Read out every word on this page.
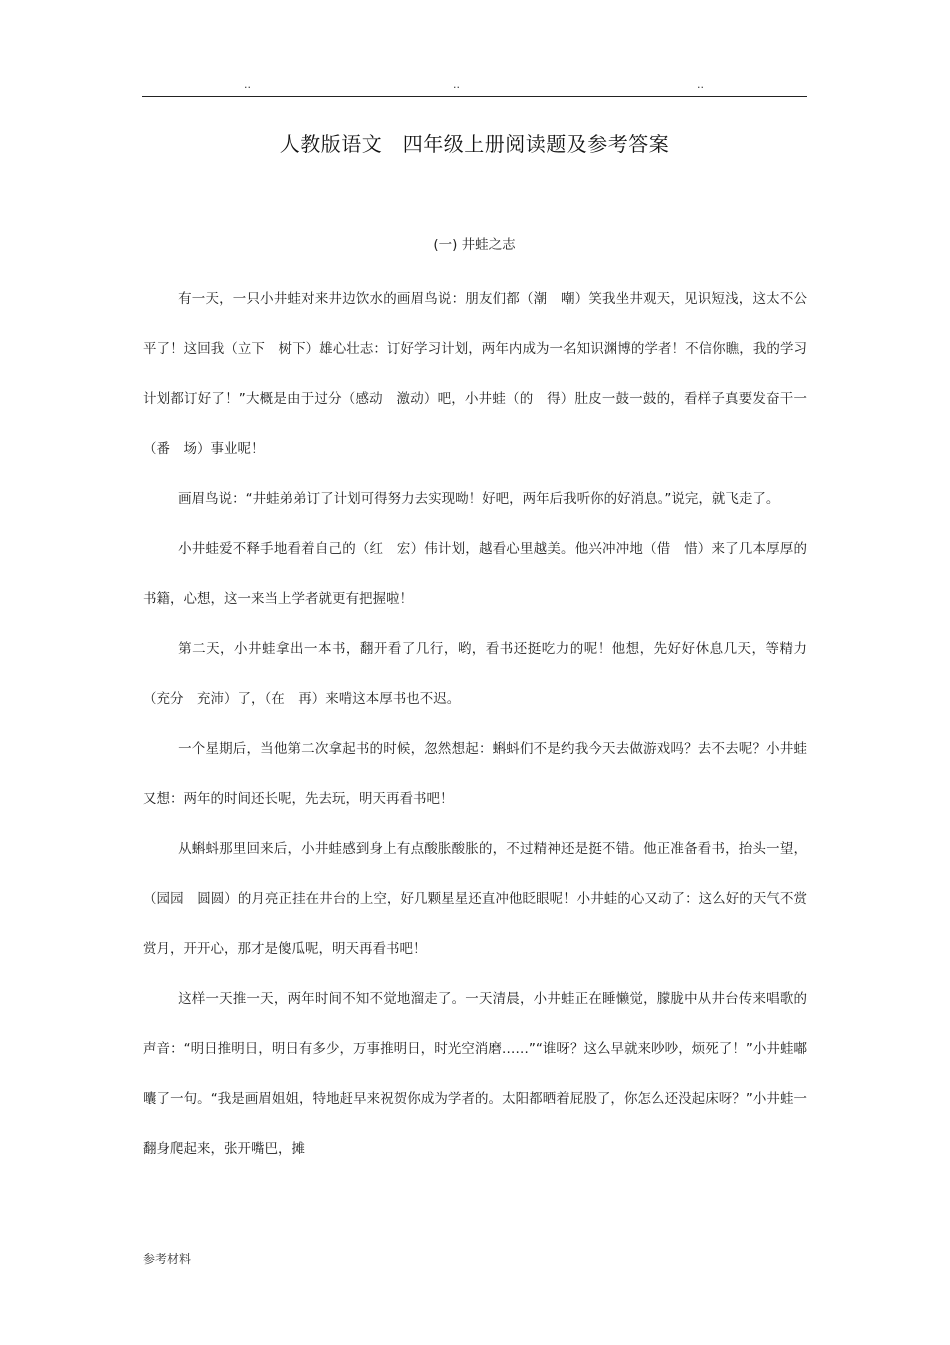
..	..	..
人教版语文　四年级上册阅读题及参考答案
(一) 井蛙之志

有一天，一只小井蛙对来井边饮水的画眉鸟说：朋友们都（潮　嘲）笑我坐井观天，见识短浅，这太不公平了！这回我（立下　树下）雄心壮志：订好学习计划，两年内成为一名知识渊博的学者！不信你瞧，我的学习计划都订好了！”大概是由于过分（感动　激动）吧，小井蛙（的　得）肚皮一鼓一鼓的，看样子真要发奋干一（番　场）事业呢！

画眉鸟说：“井蛙弟弟订了计划可得努力去实现呦！好吧，两年后我听你的好消息。”说完，就飞走了。

小井蛙爱不释手地看着自己的（红　宏）伟计划，越看心里越美。他兴冲冲地（借　惜）来了几本厚厚的书籍，心想，这一来当上学者就更有把握啦！

第二天，小井蛙拿出一本书，翻开看了几行，哟，看书还挺吃力的呢！他想，先好好休息几天，等精力（充分　充沛）了，（在　再）来啃这本厚书也不迟。

一个星期后，当他第二次拿起书的时候，忽然想起：蝌蚪们不是约我今天去做游戏吗？去不去呢？小井蛙又想：两年的时间还长呢，先去玩，明天再看书吧！

从蝌蚪那里回来后，小井蛙感到身上有点酸胀酸胀的，不过精神还是挺不错。他正准备看书，抬头一望，（园园　圆圆）的月亮正挂在井台的上空，好几颗星星还直冲他眨眼呢！小井蛙的心又动了：这么好的天气不赏赏月，开开心，那才是傻瓜呢，明天再看书吧！

这样一天推一天，两年时间不知不觉地溜走了。一天清晨，小井蛙正在睡懒觉，朦胧中从井台传来唱歌的声音：“明日推明日，明日有多少，万事推明日，时光空消磨……”“谁呀？这么早就来吵吵，烦死了！”小井蛙嘟囔了一句。“我是画眉姐姐，特地赶早来祝贺你成为学者的。太阳都晒着屁股了，你怎么还没起床呀？”小井蛙一翻身爬起来，张开嘴巴，摊

参考材料
